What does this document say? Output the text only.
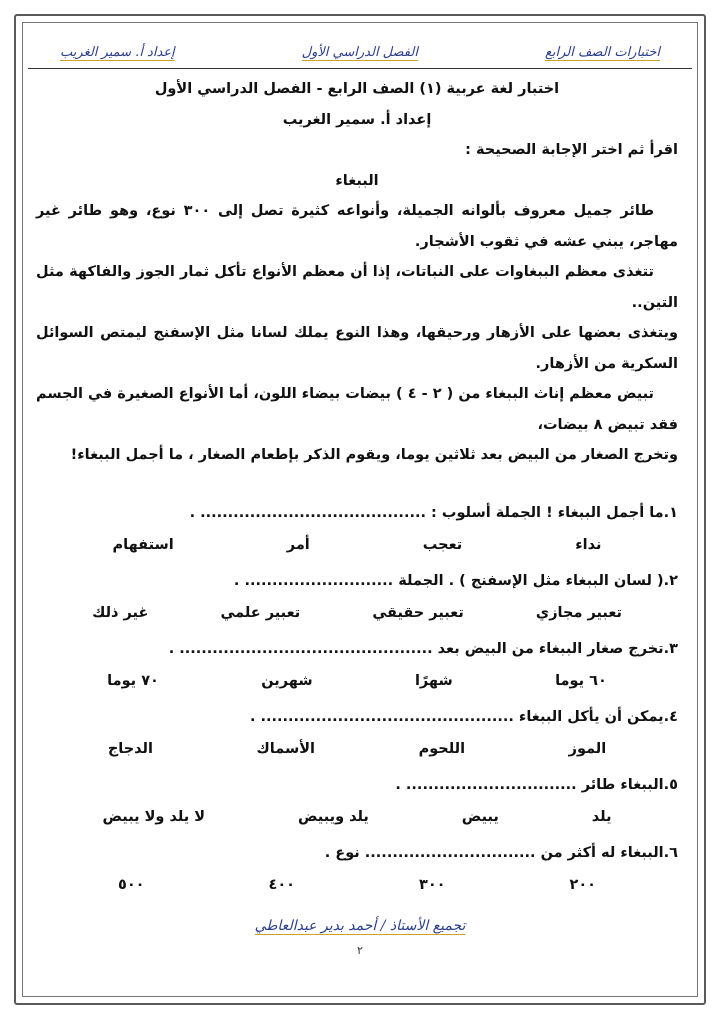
اختبارات الصف الرابع
الفصل الدراسي الأول
إعداد أ. سمير الغريب
اختبار لغة عربية (١) الصف الرابع - الفصل الدراسي الأول
إعداد أ. سمير الغريب
اقرأ ثم اختر الإجابة الصحيحة :
الببغاء
طائر جميل معروف بألوانه الجميلة، وأنواعه كثيرة تصل إلى ٣٠٠ نوع، وهو طائر غير مهاجر، يبني عشه في ثقوب الأشجار.
تتغذى معظم الببغاوات على النباتات، إذا أن معظم الأنواع تأكل ثمار الجوز والفاكهة مثل التين..
ويتغذى بعضها على الأزهار ورحيقها، وهذا النوع يملك لسانا مثل الإسفنج ليمتص السوائل السكرية من الأزهار.
تبيض معظم إناث الببغاء من ( ٢ - ٤ ) بيضات بيضاء اللون، أما الأنواع الصغيرة في الجسم فقد تبيض ٨ بيضات،
وتخرج الصغار من البيض بعد ثلاثين يوما، ويقوم الذكر بإطعام الصغار ، ما أجمل الببغاء!
١.ما أجمل الببغاء ! الجملة أسلوب : ......................................... .
نداء
تعجب
أمر
استفهام
٢.( لسان الببغاء مثل الإسفنج ) . الجملة ........................... .
تعبير مجازي
تعبير حقيقي
تعبير علمي
غير ذلك
٣.تخرج صغار الببغاء من البيض بعد .............................................. .
٦٠ يوما
شهرًا
شهرين
٧٠ يوما
٤.يمكن أن يأكل الببغاء .............................................. .
الموز
اللحوم
الأسماك
الدجاج
٥.الببغاء طائر ............................... .
يلد
يبيض
يلد ويبيض
لا يلد ولا يبيض
٦.الببغاء له أكثر من ............................... نوع .
٢٠٠
٣٠٠
٤٠٠
٥٠٠
تجميع الأستاذ / أحمد بدير عبدالعاطي
٢
